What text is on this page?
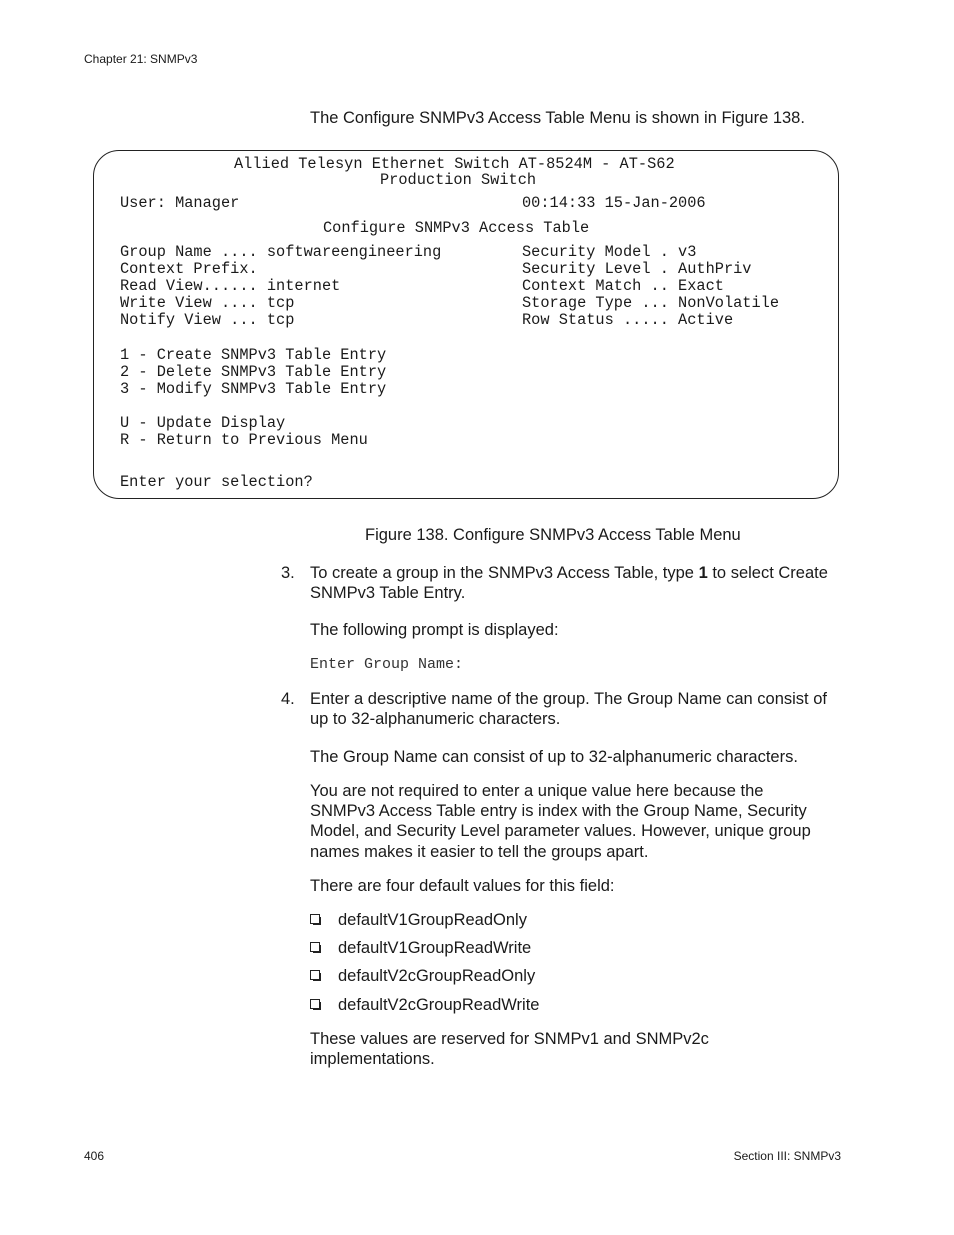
Chapter 21: SNMPv3
The Configure SNMPv3 Access Table Menu is shown in Figure 138.
Allied Telesyn Ethernet Switch AT-8524M - AT-S62
Production Switch
User: Manager	00:14:33 15-Jan-2006
Configure SNMPv3 Access Table
Group Name .... softwareengineering
Context Prefix.
Read View...... internet
Write View .... tcp
Notify View ... tcp
Security Model . v3
Security Level . AuthPriv
Context Match .. Exact
Storage Type ... NonVolatile
Row Status ..... Active
1 - Create SNMPv3 Table Entry
2 - Delete SNMPv3 Table Entry
3 - Modify SNMPv3 Table Entry
U - Update Display
R - Return to Previous Menu
Enter your selection?
Figure 138. Configure SNMPv3 Access Table Menu
3. To create a group in the SNMPv3 Access Table, type 1 to select Create
SNMPv3 Table Entry.
The following prompt is displayed:
Enter Group Name:
4. Enter a descriptive name of the group. The Group Name can consist of
up to 32-alphanumeric characters.
The Group Name can consist of up to 32-alphanumeric characters.
You are not required to enter a unique value here because the
SNMPv3 Access Table entry is index with the Group Name, Security
Model, and Security Level parameter values. However, unique group
names makes it easier to tell the groups apart.
There are four default values for this field:
defaultV1GroupReadOnly
defaultV1GroupReadWrite
defaultV2cGroupReadOnly
defaultV2cGroupReadWrite
These values are reserved for SNMPv1 and SNMPv2c
implementations.
406	Section III: SNMPv3
